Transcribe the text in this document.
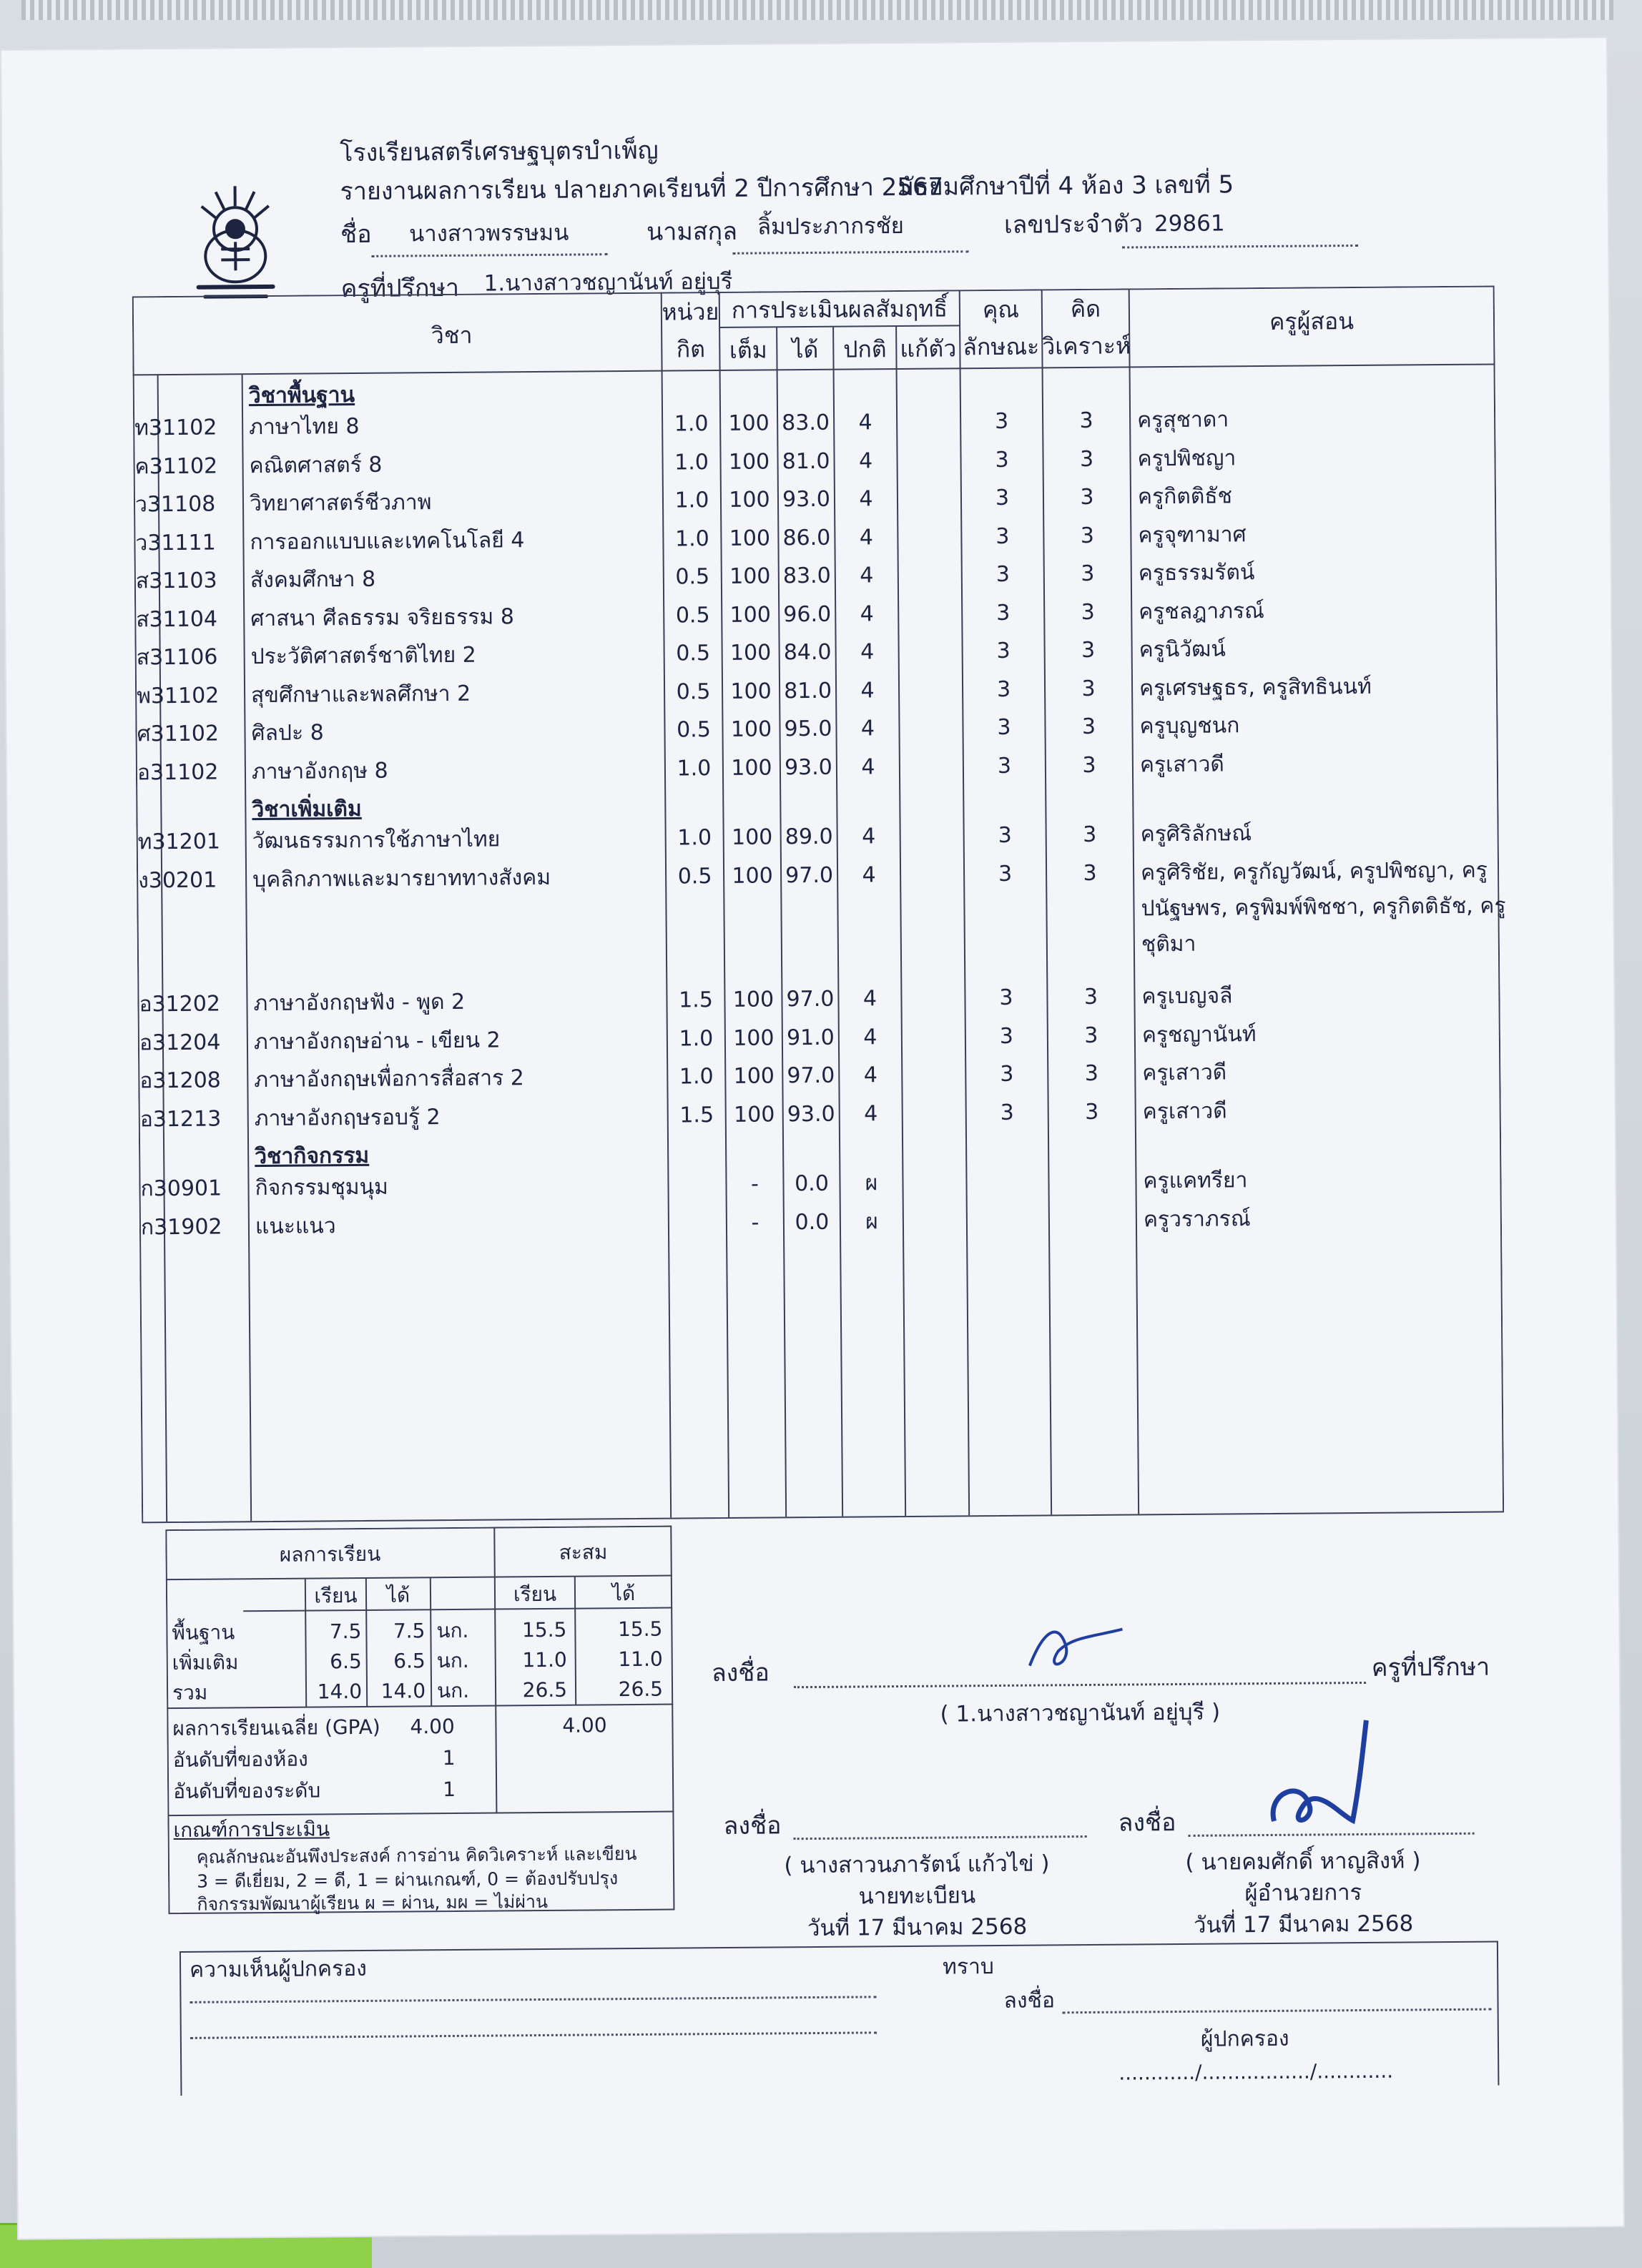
โรงเรียนสตรีเศรษฐบุตรบำเพ็ญ
รายงานผลการเรียน ปลายภาคเรียนที่ 2 ปีการศึกษา 2567
มัธยมศึกษาปีที่ 4 ห้อง 3 เลขที่ 5
ชื่อ นางสาวพรรษมน	นามสกุล ลิ้มประภากรชัย	เลขประจำตัว 29861
ครูที่ปรึกษา 1.นางสาวชญานันท์ อยู่บุรี
วิชา
หน่วย
กิต
การประเมินผลสัมฤทธิ์
เต็ม	ได้	ปกติ แก้ตัว
คุณ
ลักษณะ
คิด
วิเคราะห์
ครูผู้สอน
วิชาพื้นฐาน
ท31102	ภาษาไทย 8	1.0 100 83.0	4	3	3	ครูสุชาดา
ค31102	คณิตศาสตร์ 8	1.0 100 81.0	4	3	3	ครูปพิชญา
ว31108	วิทยาศาสตร์ชีวภาพ	1.0 100 93.0	4	3	3	ครูกิตติธัช
ว31111	การออกแบบและเทคโนโลยี 4	1.0 100 86.0	4	3	3	ครูจุฑามาศ
ส31103	สังคมศึกษา 8	0.5 100 83.0	4	3	3	ครูธรรมรัตน์
ส31104	ศาสนา ศีลธรรม จริยธรรม 8	0.5 100 96.0	4	3	3	ครูชลฎาภรณ์
ส31106	ประวัติศาสตร์ชาติไทย 2	0.5 100 84.0	4	3	3	ครูนิวัฒน์
พ31102	สุขศึกษาและพลศึกษา 2	0.5 100 81.0	4	3	3	ครูเศรษฐธร, ครูสิทธินนท์
ศ31102	ศิลปะ 8	0.5 100 95.0	4	3	3	ครูบุญชนก
อ31102	ภาษาอังกฤษ 8	1.0 100 93.0	4	3	3	ครูเสาวดี
วิชาเพิ่มเติม
ท31201	วัฒนธรรมการใช้ภาษาไทย	1.0 100 89.0	4	3	3	ครูศิริลักษณ์
ง30201	บุคลิกภาพและมารยาททางสังคม	0.5 100 97.0	4	3	3	ครูศิริชัย, ครูกัญวัฒน์, ครูปพิชญา, ครู
ปนัฐษพร, ครูพิมพ์พิชชา, ครูกิตติธัช, ครู
ชุติมา
อ31202	ภาษาอังกฤษฟัง - พูด 2	1.5 100 97.0	4	3	3	ครูเบญจลี
อ31204	ภาษาอังกฤษอ่าน - เขียน 2	1.0 100 91.0	4	3	3	ครูชญานันท์
อ31208	ภาษาอังกฤษเพื่อการสื่อสาร 2	1.0 100 97.0	4	3	3	ครูเสาวดี
อ31213	ภาษาอังกฤษรอบรู้ 2	1.5 100 93.0	4	3	3	ครูเสาวดี
วิชากิจกรรม
ก30901	กิจกรรมชุมนุม	-	0.0	ผ	ครูแคทรียา
ก31902	แนะแนว	-	0.0	ผ	ครูวราภรณ์
ผลการเรียน	สะสม
เรียน	ได้	เรียน	ได้
พื้นฐาน	7.5	7.5 นก.	15.5	15.5
เพิ่มเติม	6.5	6.5 นก.	11.0	11.0
รวม	14.0 14.0 นก.	26.5	26.5
ผลการเรียนเฉลี่ย (GPA) 4.00	4.00
อันดับที่ของห้อง	1
อันดับที่ของระดับ	1
เกณฑ์การประเมิน
คุณลักษณะอันพึงประสงค์ การอ่าน คิดวิเคราะห์ และเขียน
3 = ดีเยี่ยม, 2 = ดี, 1 = ผ่านเกณฑ์, 0 = ต้องปรับปรุง
กิจกรรมพัฒนาผู้เรียน ผ = ผ่าน, มผ = ไม่ผ่าน
ลงชื่อ	ครูที่ปรึกษา
( 1.นางสาวชญานันท์ อยู่บุรี )
ลงชื่อ
( นางสาวนภารัตน์ แก้วไข่ )
นายทะเบียน
วันที่ 17 มีนาคม 2568
ลงชื่อ
( นายคมศักดิ์ หาญสิงห์ )
ผู้อำนวยการ
วันที่ 17 มีนาคม 2568
ความเห็นผู้ปกครอง	ทราบ
ลงชื่อ
ผู้ปกครอง
............/................./............
